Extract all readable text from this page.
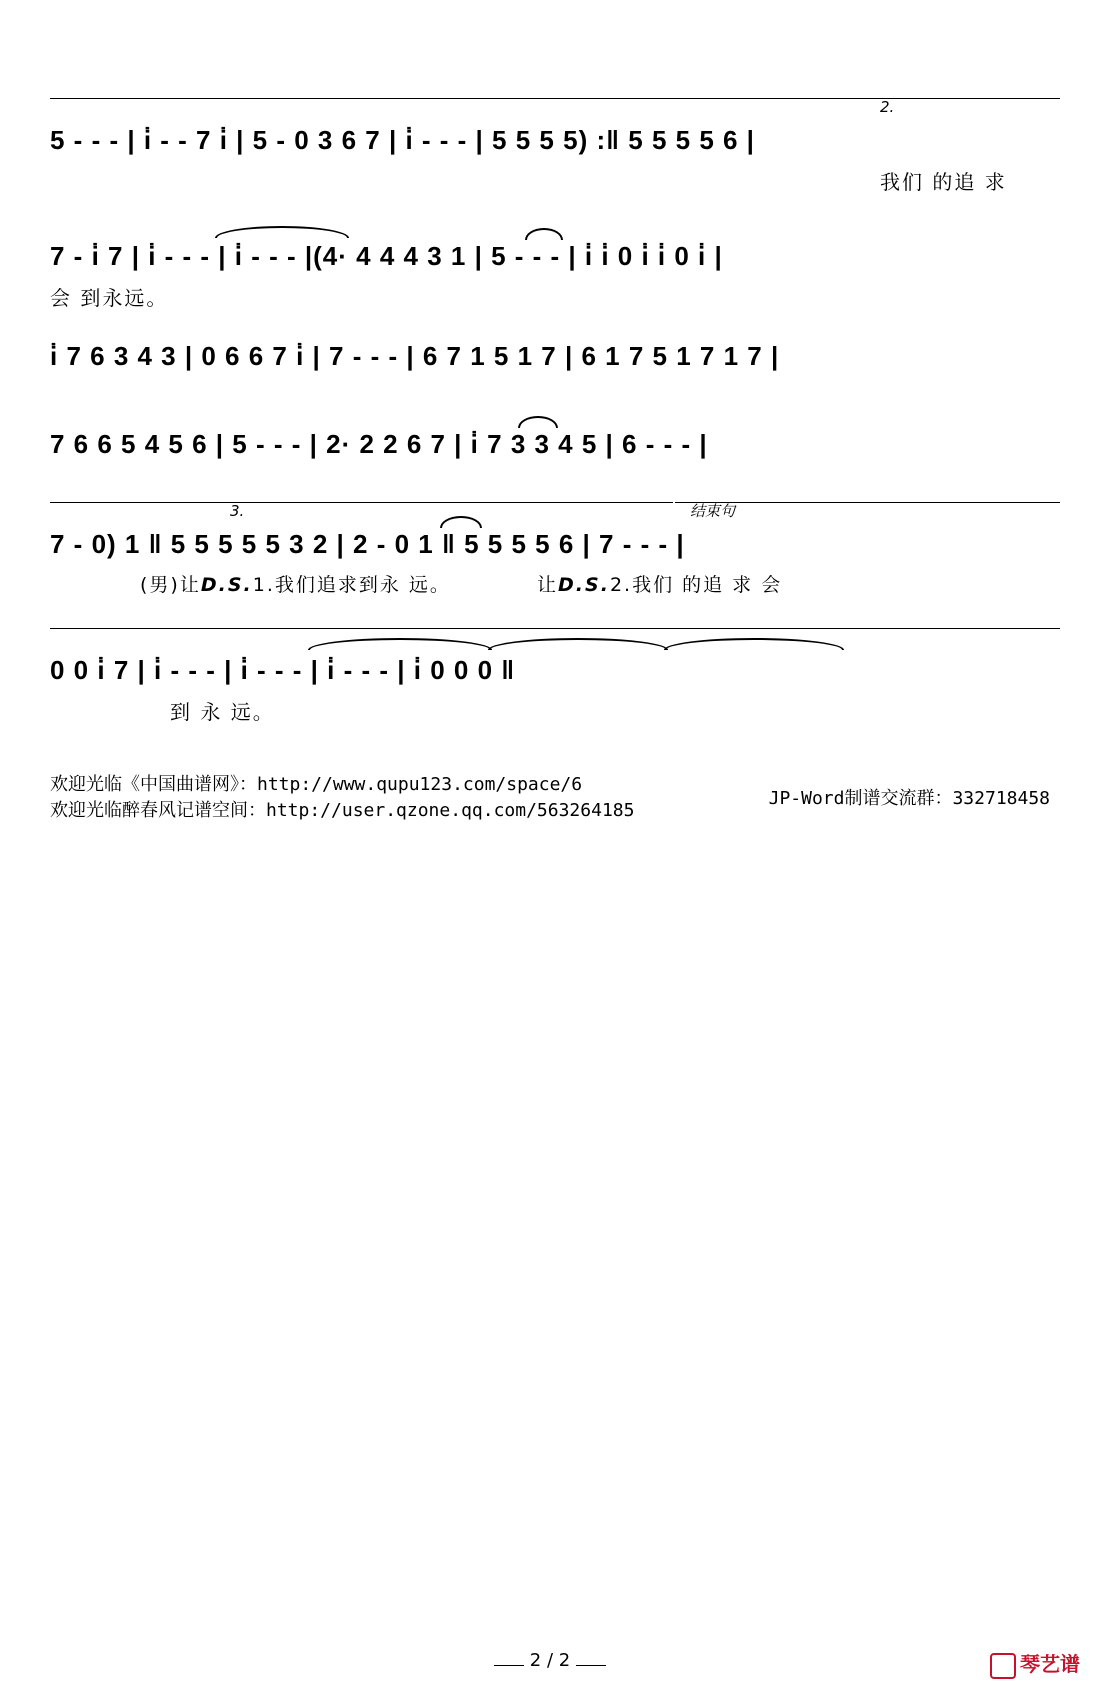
5 - - - | i̇ - - 7 i̇ | 5 - 0 3 6 7 | i̇ - - - | 5 5 5 5) :‖ 5 5 5 5 6 |
2.
我们 的追 求
7 - i̇ 7 | i̇ - - - | i̇ - - - |(4· 4 4 4 3 1 | 5 - - - | i̇ i̇ 0 i̇ i̇ 0 i̇ |
会 到永远。
i̇ 7 6 3 4 3 | 0 6 6 7 i̇ | 7 - - - | 6 7 1 5 1 7 | 6 1 7 5 1 7 1 7 |
7 6 6 5 4 5 6 | 5 - - - | 2· 2 2 6 7 | i̇ 7 3 3 4 5 | 6 - - - |
3.	结束句
7 - 0) 1 ‖ 5 5 5 5 5 3 2 | 2 - 0 1 ‖ 5 5 5 5 6 | 7 - - - |
(男)让D.S.1.我们追求到永 远。	让D.S.2.我们 的追 求 会
0 0 i̇ 7 | i̇ - - - | i̇ - - - | i̇ - - - | i̇ 0 0 0 ‖
到 永 远。
欢迎光临《中国曲谱网》：http://www.qupu123.com/space/6
欢迎光临醉春风记谱空间：http://user.qzone.qq.com/563264185
JP-Word制谱交流群：332718458
2 / 2	琴艺谱
